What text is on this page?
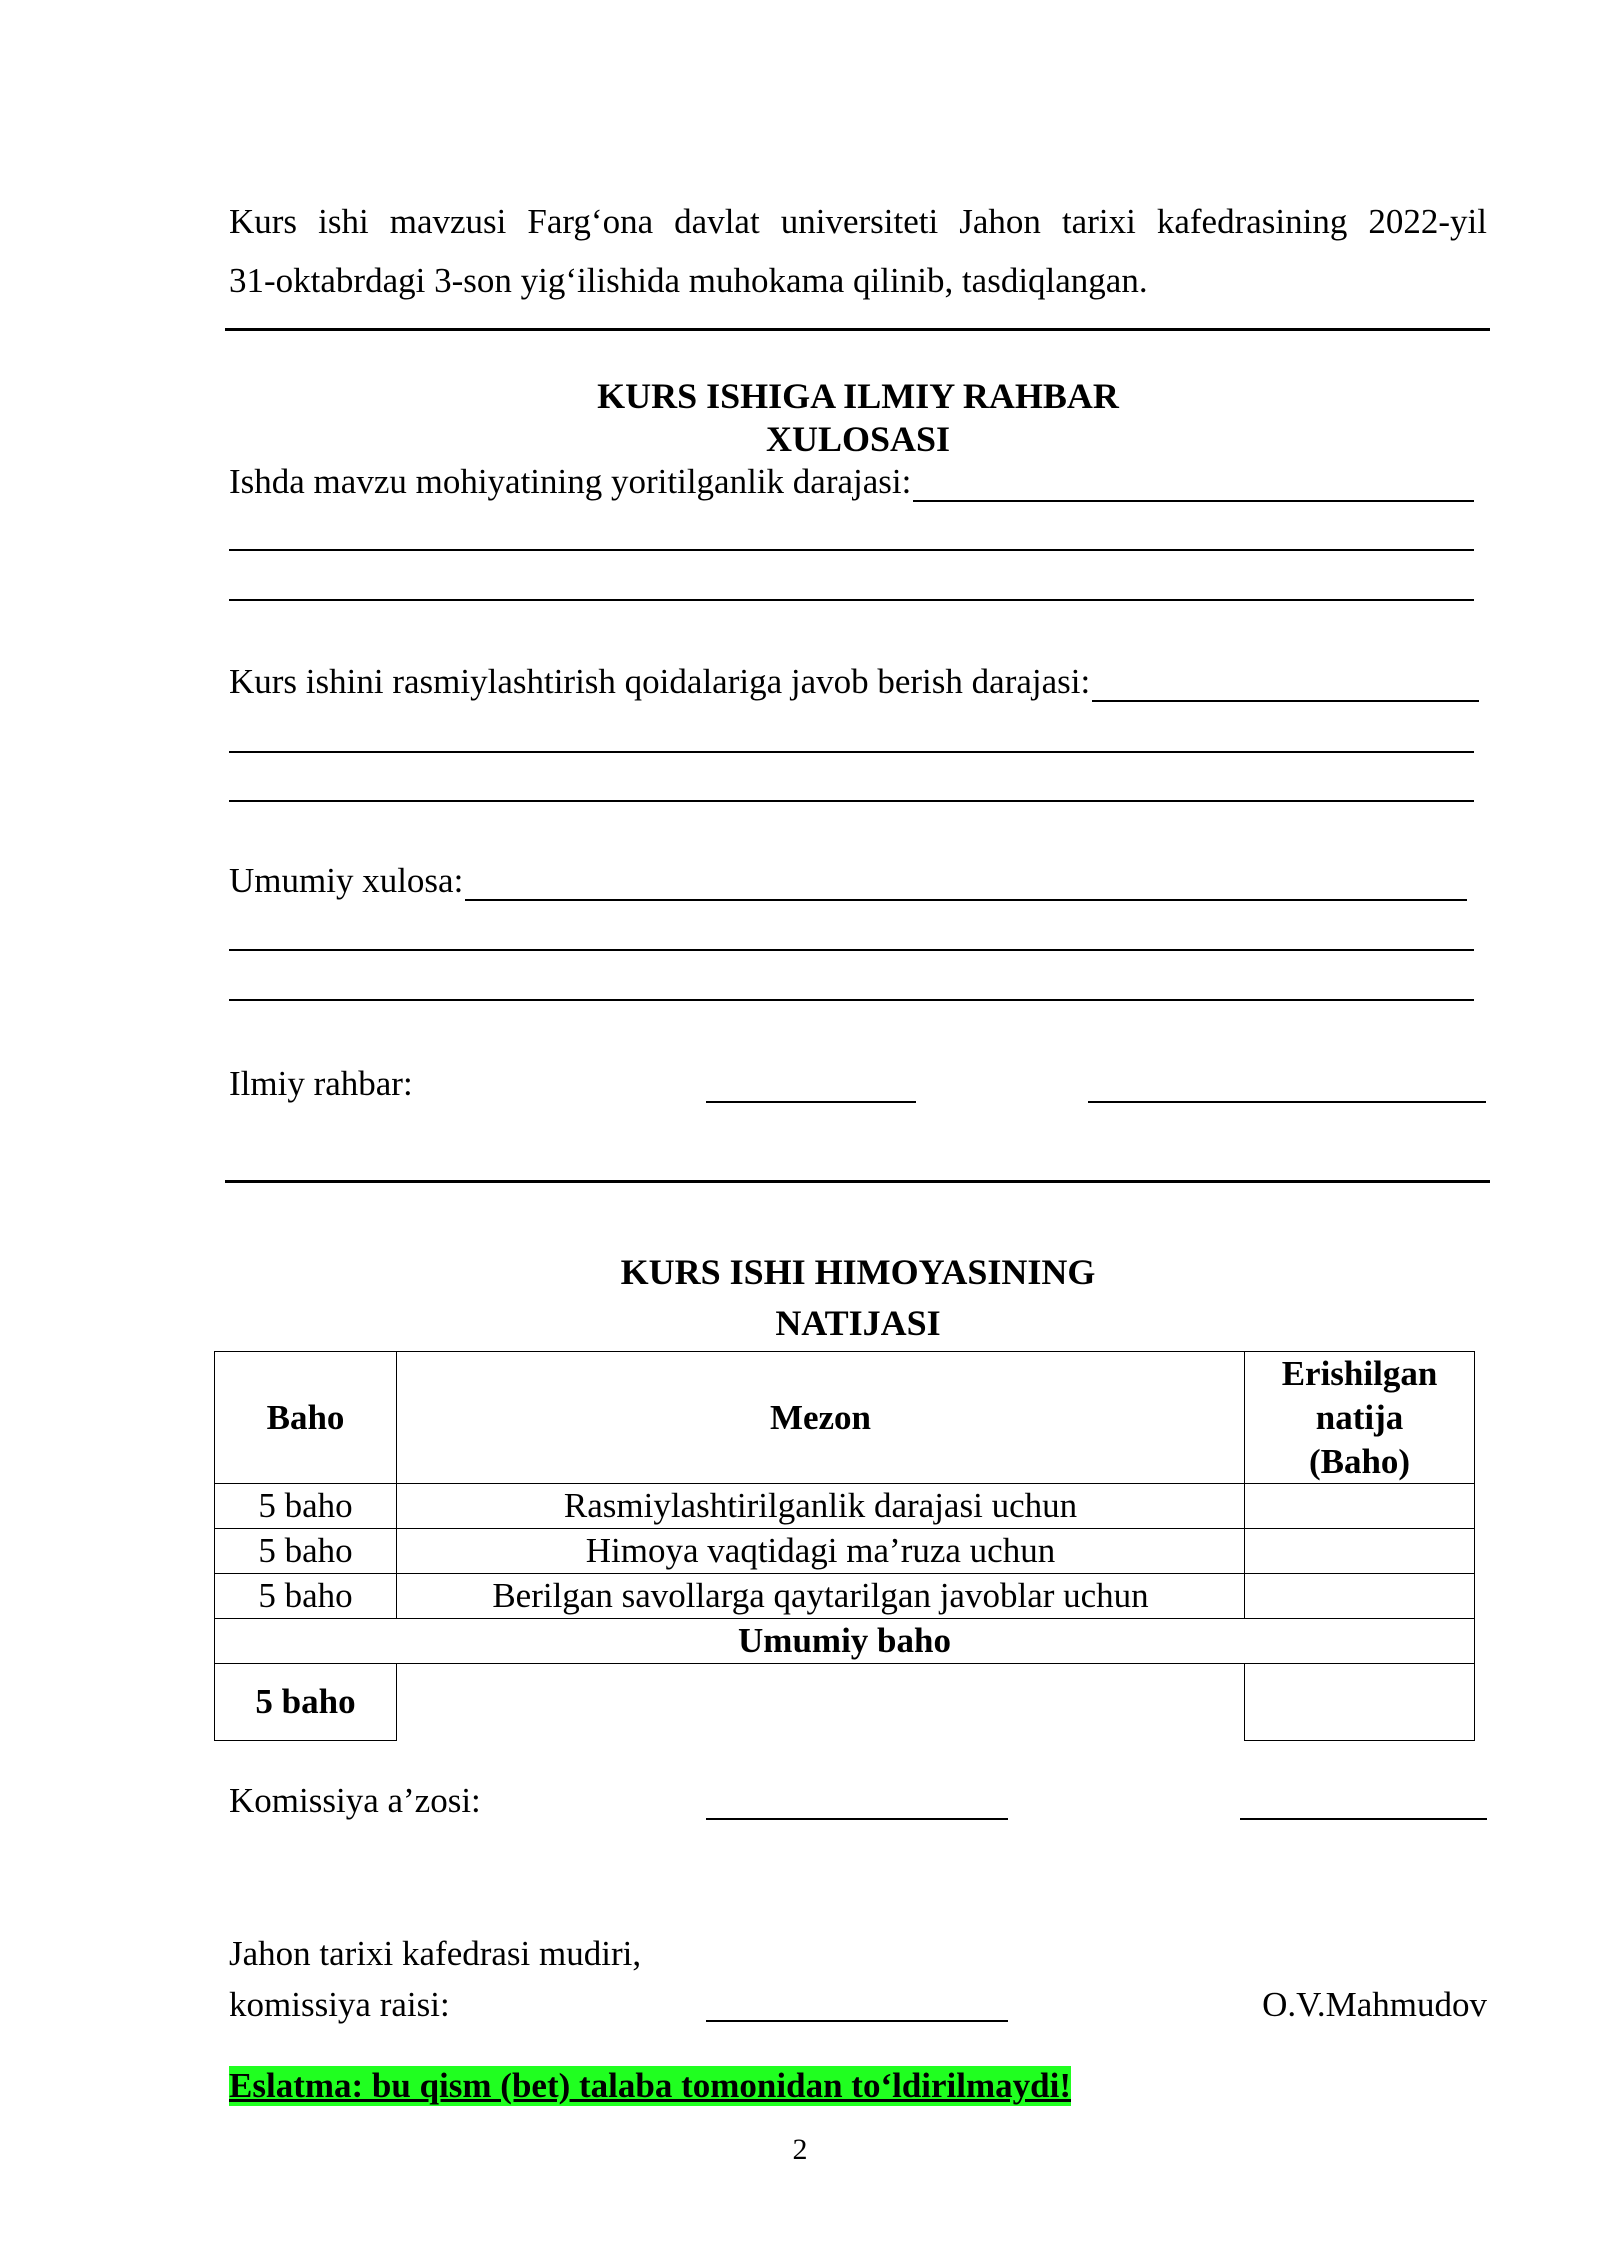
Kurs ishi mavzusi Farg‘ona davlat universiteti Jahon tarixi kafedrasining 2022-yil
31-oktabrdagi 3-son yig‘ilishida muhokama qilinib, tasdiqlangan.
KURS ISHIGA ILMIY RAHBAR
XULOSASI
Ishda mavzu mohiyatining yoritilganlik darajasi:
Kurs ishini rasmiylashtirish qoidalariga javob berish darajasi:
Umumiy xulosa:
Ilmiy rahbar:
KURS ISHI HIMOYASINING
NATIJASI
Baho	Mezon	Erishilgan
natija
(Baho)

5 baho	Rasmiylashtirilganlik darajasi uchun	
5 baho	Himoya vaqtidagi ma’ruza uchun	
5 baho	Berilgan savollarga qaytarilgan javoblar uchun	
Umumiy baho		
5 baho		
Komissiya a’zosi:
Jahon tarixi kafedrasi mudiri,
komissiya raisi:	O.V.Mahmudov
Eslatma: bu qism (bet) talaba tomonidan to‘ldirilmaydi!
2
